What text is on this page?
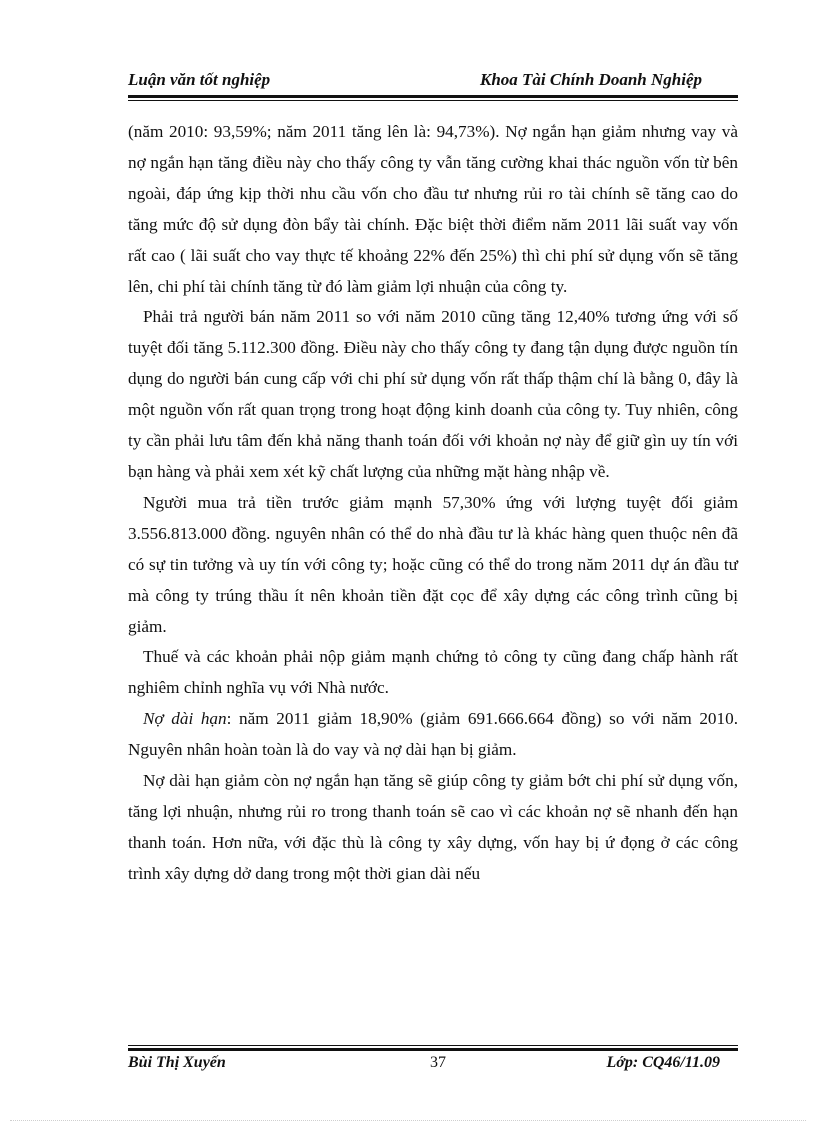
Luận văn tốt nghiệp	Khoa Tài Chính Doanh Nghiệp

(năm 2010: 93,59%; năm 2011 tăng lên là: 94,73%). Nợ ngắn hạn giảm nhưng vay và nợ ngắn hạn tăng điều này cho thấy công ty vẫn tăng cường khai thác nguồn vốn từ bên ngoài, đáp ứng kịp thời nhu cầu vốn cho đầu tư nhưng rủi ro tài chính sẽ tăng cao do tăng mức độ sử dụng đòn bẩy tài chính. Đặc biệt thời điểm năm 2011 lãi suất vay vốn rất cao ( lãi suất cho vay thực tế khoảng 22% đến 25%) thì chi phí sử dụng vốn sẽ tăng lên, chi phí tài chính tăng từ đó làm giảm lợi nhuận của công ty.

Phải trả người bán năm 2011 so với năm 2010 cũng tăng 12,40% tương ứng với số tuyệt đối tăng 5.112.300 đồng. Điều này cho thấy công ty đang tận dụng được nguồn tín dụng do người bán cung cấp với chi phí sử dụng vốn rất thấp thậm chí là bằng 0, đây là một nguồn vốn rất quan trọng trong hoạt động kinh doanh của công ty. Tuy nhiên, công ty cần phải lưu tâm đến khả năng thanh toán đối với khoản nợ này để giữ gìn uy tín với bạn hàng và phải xem xét kỹ chất lượng của những mặt hàng nhập về.

Người mua trả tiền trước giảm mạnh 57,30% ứng với lượng tuyệt đối giảm 3.556.813.000 đồng. nguyên nhân có thể do nhà đầu tư là khác hàng quen thuộc nên đã có sự tin tưởng và uy tín với công ty; hoặc cũng có thể do trong năm 2011 dự án đầu tư mà công ty trúng thầu ít nên khoản tiền đặt cọc để xây dựng các công trình cũng bị giảm.

Thuế và các khoản phải nộp giảm mạnh chứng tỏ công ty cũng đang chấp hành rất nghiêm chỉnh nghĩa vụ với Nhà nước.

Nợ dài hạn: năm 2011 giảm 18,90% (giảm 691.666.664 đồng) so với năm 2010. Nguyên nhân hoàn toàn là do vay và nợ dài hạn bị giảm.

Nợ dài hạn giảm còn nợ ngắn hạn tăng sẽ giúp công ty giảm bớt chi phí sử dụng vốn, tăng lợi nhuận, nhưng rủi ro trong thanh toán sẽ cao vì các khoản nợ sẽ nhanh đến hạn thanh toán. Hơn nữa, với đặc thù là công ty xây dựng, vốn hay bị ứ đọng ở các công trình xây dựng dở dang trong một thời gian dài nếu

Bùi Thị Xuyến	37	Lớp: CQ46/11.09
